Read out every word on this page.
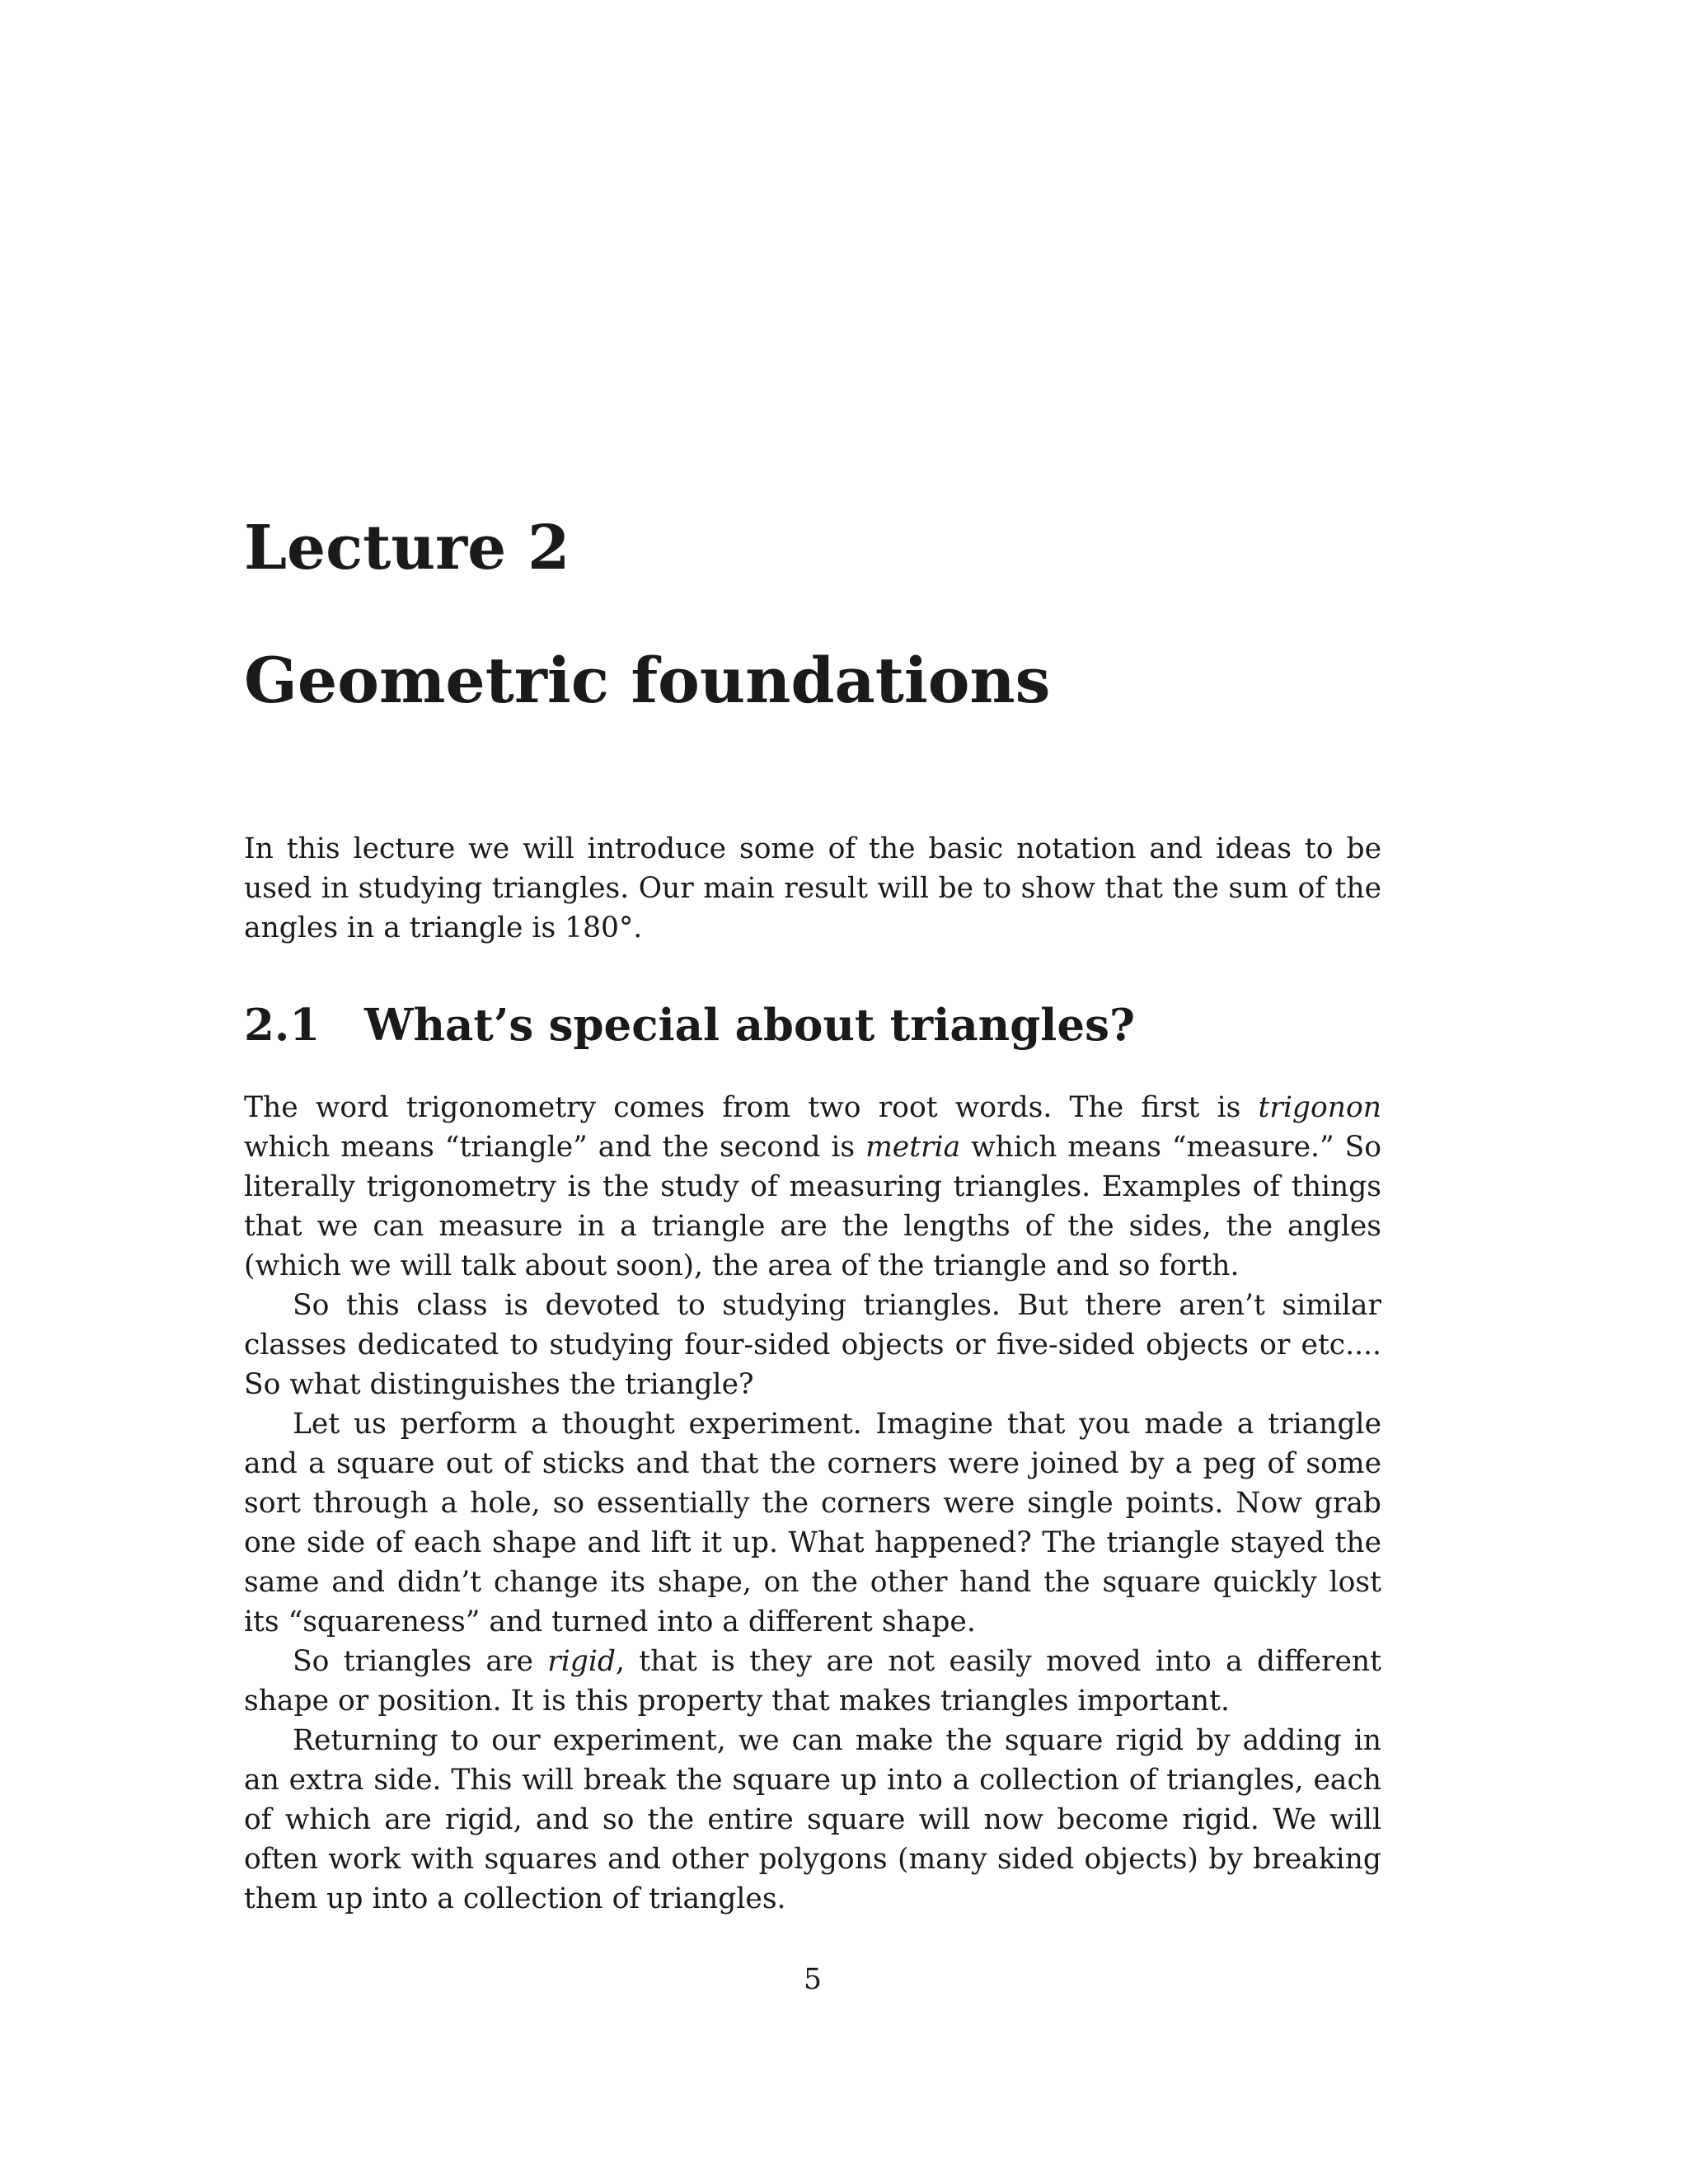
Lecture 2
Geometric foundations

In this lecture we will introduce some of the basic notation and ideas to be used in studying triangles. Our main result will be to show that the sum of the angles in a triangle is 180°.

2.1	What’s special about triangles?

The word trigonometry comes from two root words. The first is trigonon which means “triangle” and the second is metria which means “measure.” So literally trigonometry is the study of measuring triangles. Examples of things that we can measure in a triangle are the lengths of the sides, the angles (which we will talk about soon), the area of the triangle and so forth.

So this class is devoted to studying triangles. But there aren’t similar classes dedicated to studying four-sided objects or five-sided objects or etc.... So what distinguishes the triangle?

Let us perform a thought experiment. Imagine that you made a triangle and a square out of sticks and that the corners were joined by a peg of some sort through a hole, so essentially the corners were single points. Now grab one side of each shape and lift it up. What happened? The triangle stayed the same and didn’t change its shape, on the other hand the square quickly lost its “squareness” and turned into a different shape.

So triangles are rigid, that is they are not easily moved into a different shape or position. It is this property that makes triangles important.

Returning to our experiment, we can make the square rigid by adding in an extra side. This will break the square up into a collection of triangles, each of which are rigid, and so the entire square will now become rigid. We will often work with squares and other polygons (many sided objects) by breaking them up into a collection of triangles.

5
